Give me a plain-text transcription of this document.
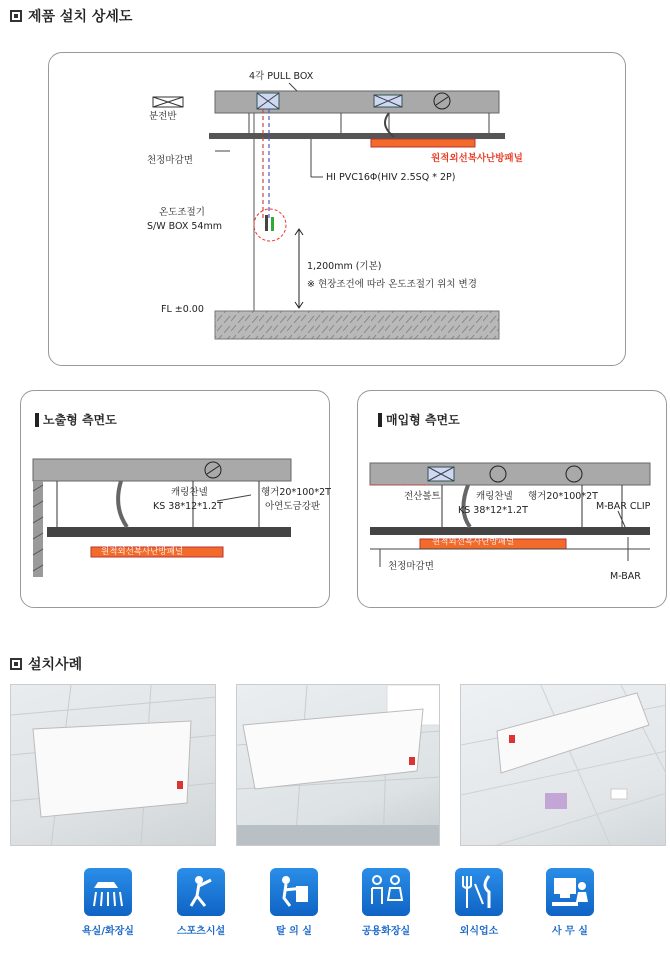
제품 설치 상세도
4각 PULL BOX
분전반
천정마감면	원적외선복사난방패널
HI PVC16Φ(HIV 2.5SQ * 2P)
온도조절기
S/W BOX 54mm
1,200mm (기본)
※ 현장조건에 따라 온도조절기 위치 변경
FL ±0.00
노출형 측면도
캐링찬넬
KS 38*12*1.2T
행거20*100*2T
아연도금강판
원적외선복사난방패널
매입형 측면도
전산볼트	캐링찬넬
KS 38*12*1.2T
행거20*100*2T
M-BAR CLIP
원적외선복사난방패널
천정마감면
M-BAR
설치사례
욕실/화장실	스포츠시설	탈 의 실	공용화장실	외식업소	사 무 실
